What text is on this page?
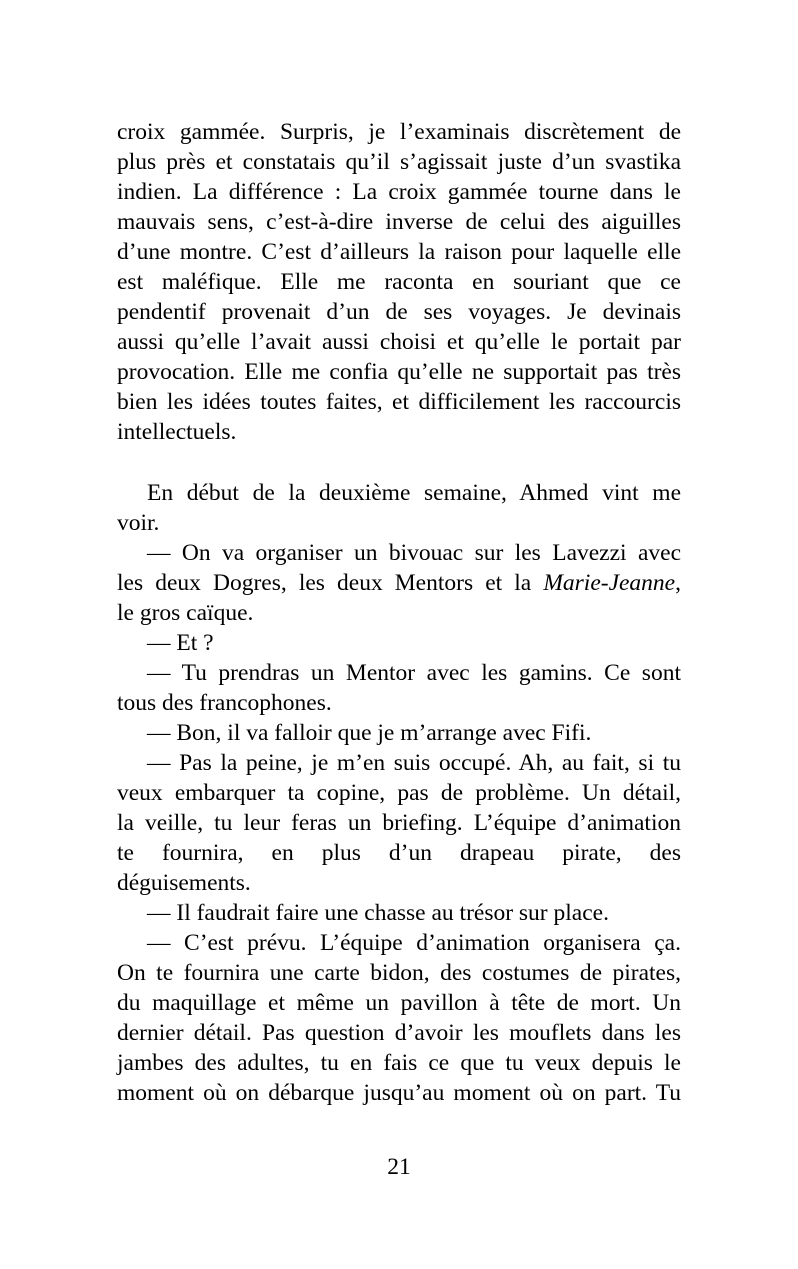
croix gammée. Surpris, je l’examinais discrètement de
plus près et constatais qu’il s’agissait juste d’un svastika
indien. La différence : La croix gammée tourne dans le
mauvais sens, c’est-à-dire inverse de celui des aiguilles
d’une montre. C’est d’ailleurs la raison pour laquelle elle
est maléfique. Elle me raconta en souriant que ce
pendentif provenait d’un de ses voyages. Je devinais
aussi qu’elle l’avait aussi choisi et qu’elle le portait par
provocation. Elle me confia qu’elle ne supportait pas très
bien les idées toutes faites, et difficilement les raccourcis
intellectuels.
En début de la deuxième semaine, Ahmed vint me
voir.
— On va organiser un bivouac sur les Lavezzi avec
les deux Dogres, les deux Mentors et la Marie-Jeanne,
le gros caïque.
— Et ?
— Tu prendras un Mentor avec les gamins. Ce sont
tous des francophones.
— Bon, il va falloir que je m’arrange avec Fifi.
— Pas la peine, je m’en suis occupé. Ah, au fait, si tu
veux embarquer ta copine, pas de problème. Un détail,
la veille, tu leur feras un briefing. L’équipe d’animation
te fournira, en plus d’un drapeau pirate, des
déguisements.
— Il faudrait faire une chasse au trésor sur place.
— C’est prévu. L’équipe d’animation organisera ça.
On te fournira une carte bidon, des costumes de pirates,
du maquillage et même un pavillon à tête de mort. Un
dernier détail. Pas question d’avoir les mouflets dans les
jambes des adultes, tu en fais ce que tu veux depuis le
moment où on débarque jusqu’au moment où on part. Tu
21
